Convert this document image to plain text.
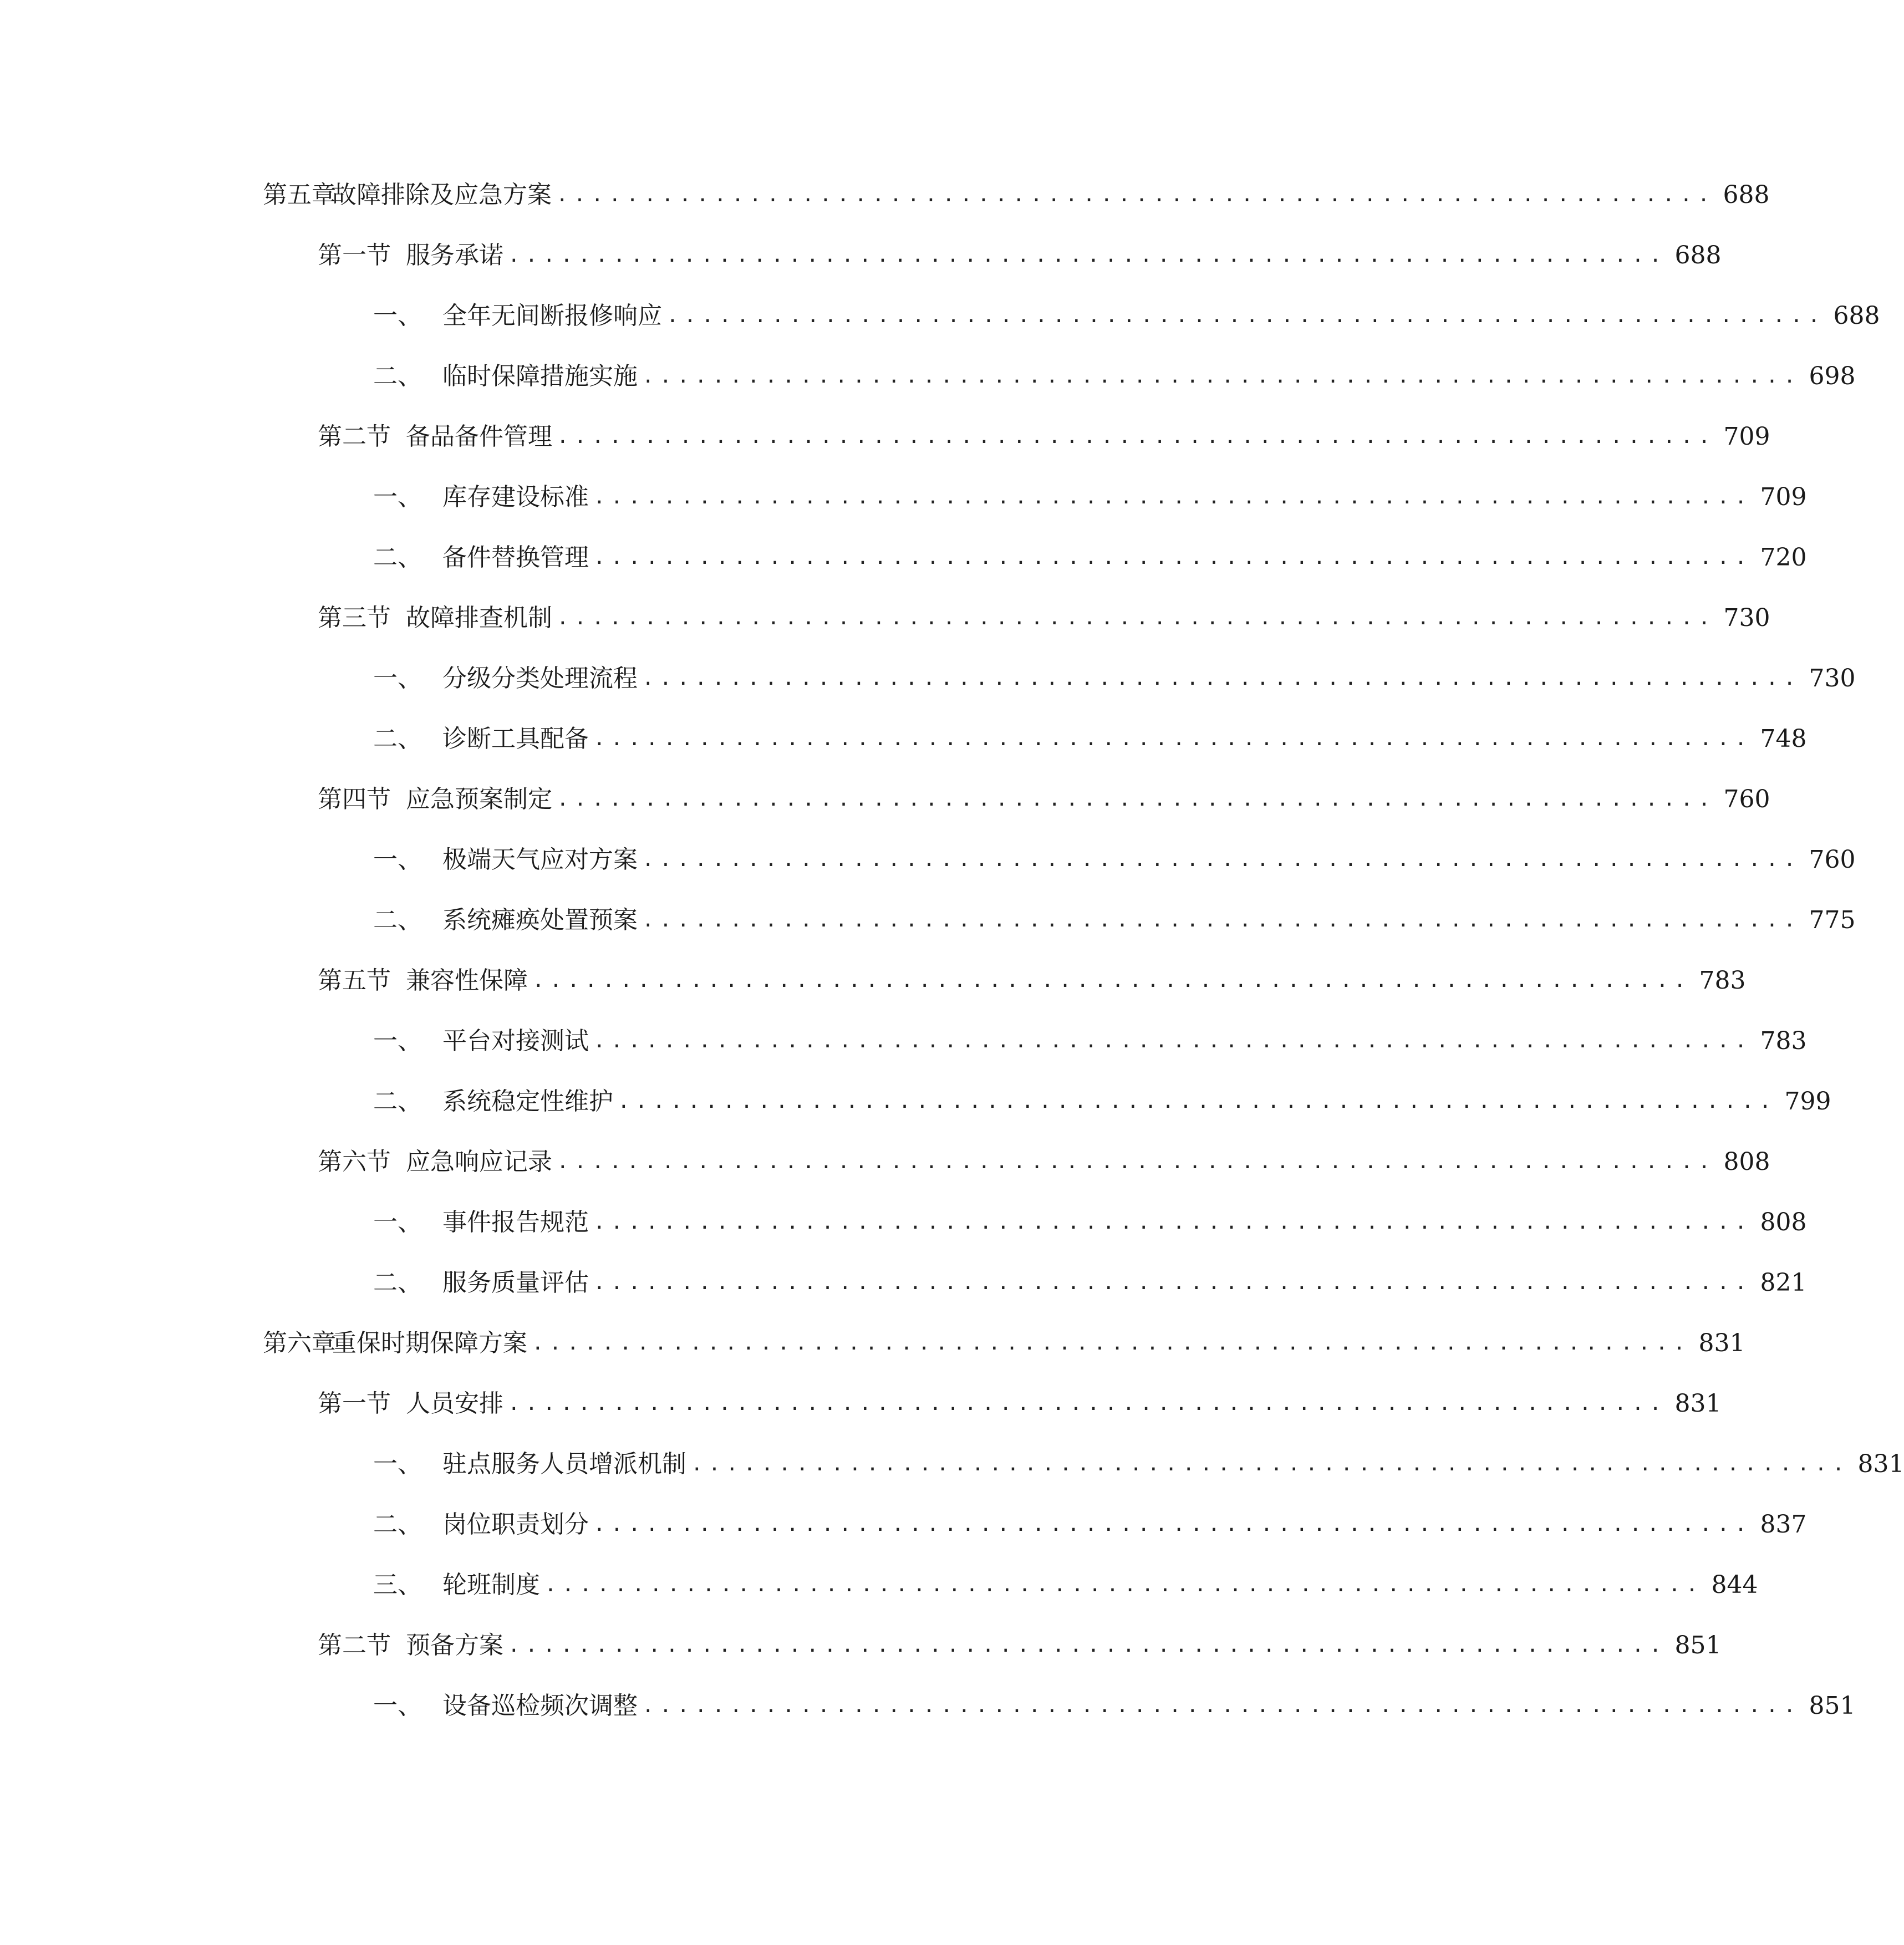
第五章
故障排除及应急方案 .................................................................. 688
第一节 服务承诺 .................................................................. 688
一、 全年无间断报修响应 .................................................................. 688
二、 临时保障措施实施 .................................................................. 698
第二节 备品备件管理 .................................................................. 709
一、 库存建设标准 .................................................................. 709
二、 备件替换管理 .................................................................. 720
第三节 故障排查机制 .................................................................. 730
一、 分级分类处理流程 .................................................................. 730
二、 诊断工具配备 .................................................................. 748
第四节 应急预案制定 .................................................................. 760
一、 极端天气应对方案 .................................................................. 760
二、 系统瘫痪处置预案 .................................................................. 775
第五节 兼容性保障 .................................................................. 783
一、 平台对接测试 .................................................................. 783
二、 系统稳定性维护 .................................................................. 799
第六节 应急响应记录 .................................................................. 808
一、 事件报告规范 .................................................................. 808
二、 服务质量评估 .................................................................. 821
第六章
重保时期保障方案 .................................................................. 831
第一节 人员安排 .................................................................. 831
一、 驻点服务人员增派机制 .................................................................. 831
二、 岗位职责划分 .................................................................. 837
三、 轮班制度 .................................................................. 844
第二节 预备方案 .................................................................. 851
一、 设备巡检频次调整 .................................................................. 851
